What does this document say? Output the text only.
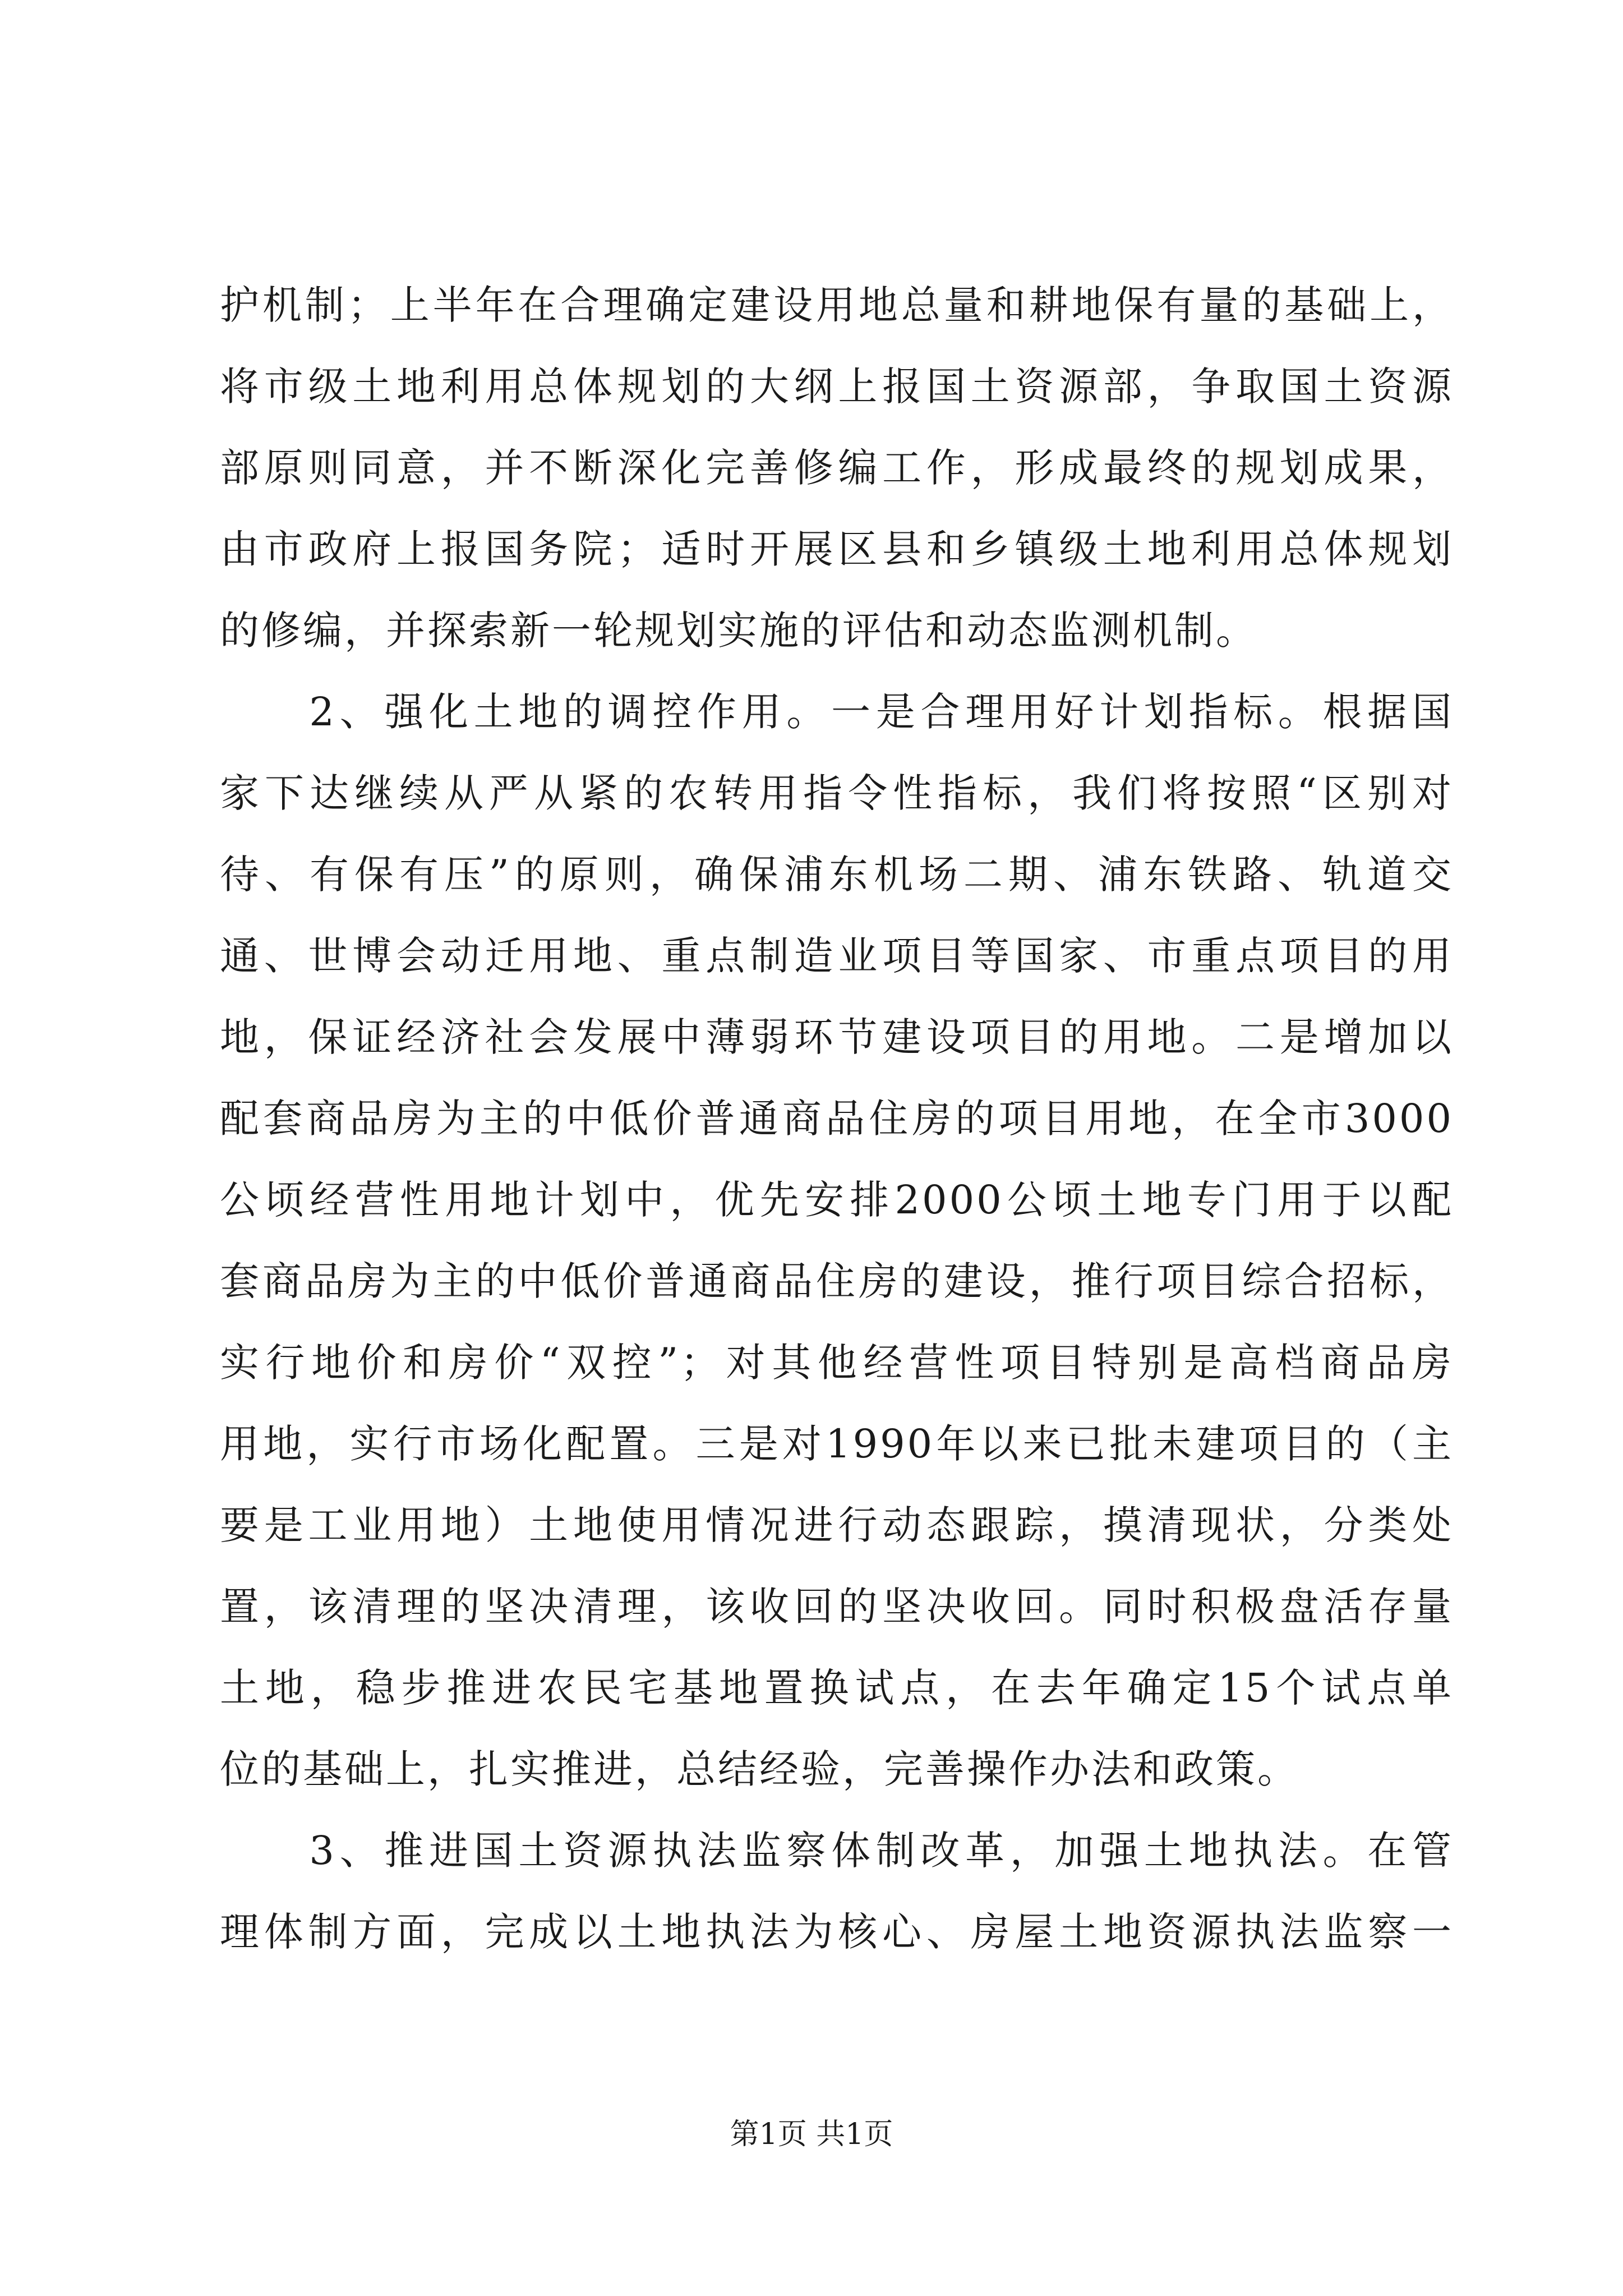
护机制；上半年在合理确定建设用地总量和耕地保有量的基础上，
将市级土地利用总体规划的大纲上报国土资源部，争取国土资源
部原则同意，并不断深化完善修编工作，形成最终的规划成果，
由市政府上报国务院；适时开展区县和乡镇级土地利用总体规划
的修编，并探索新一轮规划实施的评估和动态监测机制。
　　2、强化土地的调控作用。一是合理用好计划指标。根据国
家下达继续从严从紧的农转用指令性指标，我们将按照“区别对
待、有保有压”的原则，确保浦东机场二期、浦东铁路、轨道交
通、世博会动迁用地、重点制造业项目等国家、市重点项目的用
地，保证经济社会发展中薄弱环节建设项目的用地。二是增加以
配套商品房为主的中低价普通商品住房的项目用地，在全市3000
公顷经营性用地计划中，优先安排2000公顷土地专门用于以配
套商品房为主的中低价普通商品住房的建设，推行项目综合招标，
实行地价和房价“双控”；对其他经营性项目特别是高档商品房
用地，实行市场化配置。三是对1990年以来已批未建项目的（主
要是工业用地）土地使用情况进行动态跟踪，摸清现状，分类处
置，该清理的坚决清理，该收回的坚决收回。同时积极盘活存量
土地，稳步推进农民宅基地置换试点，在去年确定15个试点单
位的基础上，扎实推进，总结经验，完善操作办法和政策。
　　3、推进国土资源执法监察体制改革，加强土地执法。在管
理体制方面，完成以土地执法为核心、房屋土地资源执法监察一
第1页 共1页
